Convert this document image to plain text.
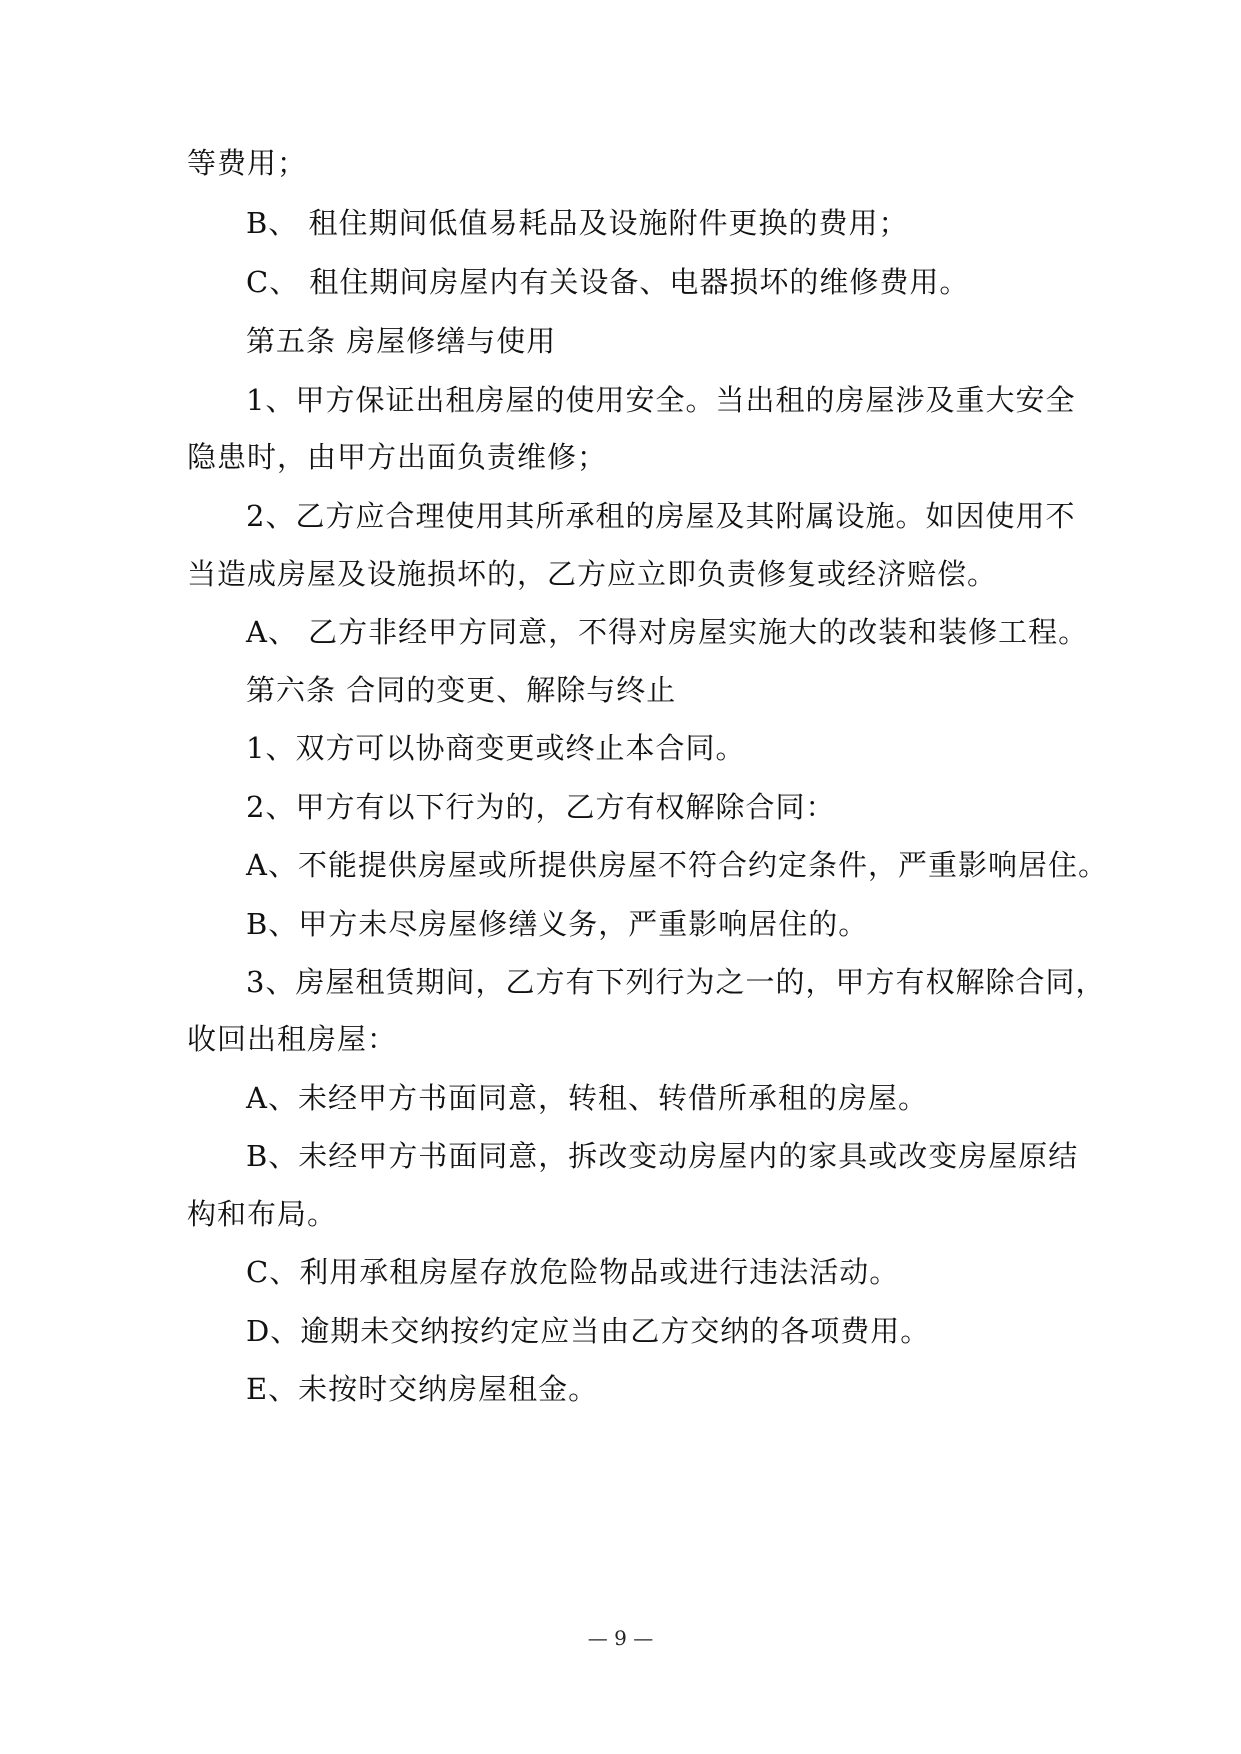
等费用；
B、 租住期间低值易耗品及设施附件更换的费用；
C、 租住期间房屋内有关设备、电器损坏的维修费用。
第五条 房屋修缮与使用
1、甲方保证出租房屋的使用安全。当出租的房屋涉及重大安全
隐患时，由甲方出面负责维修；
2、乙方应合理使用其所承租的房屋及其附属设施。如因使用不
当造成房屋及设施损坏的，乙方应立即负责修复或经济赔偿。
A、 乙方非经甲方同意，不得对房屋实施大的改装和装修工程。
第六条 合同的变更、解除与终止
1、双方可以协商变更或终止本合同。
2、甲方有以下行为的，乙方有权解除合同：
A、不能提供房屋或所提供房屋不符合约定条件，严重影响居住。
B、甲方未尽房屋修缮义务，严重影响居住的。
3、房屋租赁期间，乙方有下列行为之一的，甲方有权解除合同，
收回出租房屋：
A、未经甲方书面同意，转租、转借所承租的房屋。
B、未经甲方书面同意，拆改变动房屋内的家具或改变房屋原结
构和布局。
C、利用承租房屋存放危险物品或进行违法活动。
D、逾期未交纳按约定应当由乙方交纳的各项费用。
E、未按时交纳房屋租金。
— 9 —
